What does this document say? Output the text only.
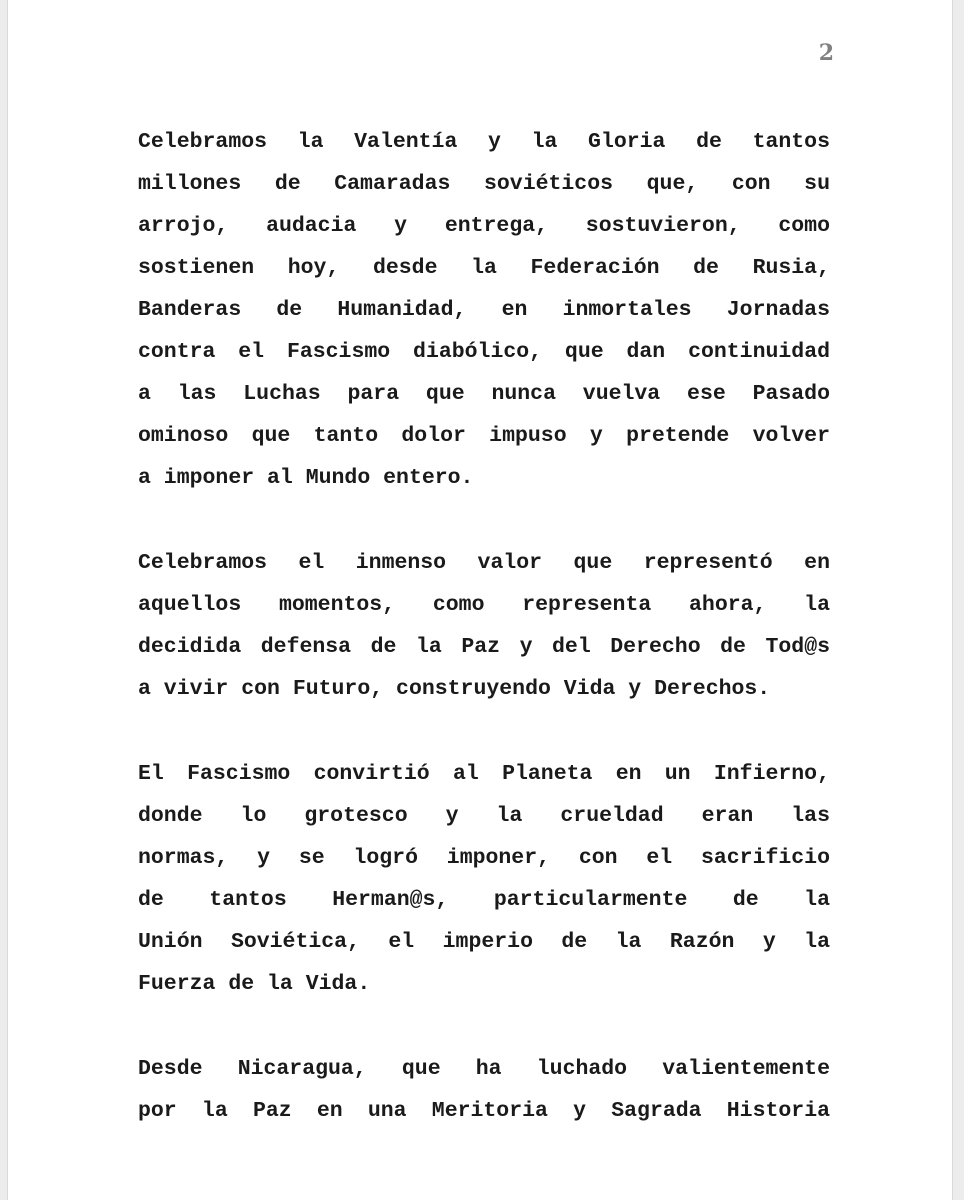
2
Celebramos la Valentía y la Gloria de tantos
millones de Camaradas soviéticos que, con su
arrojo, audacia y entrega, sostuvieron, como
sostienen hoy, desde la Federación de Rusia,
Banderas de Humanidad, en inmortales Jornadas
contra el Fascismo diabólico, que dan continuidad
a las Luchas para que nunca vuelva ese Pasado
ominoso que tanto dolor impuso y pretende volver
a imponer al Mundo entero.
Celebramos el inmenso valor que representó en
aquellos momentos, como representa ahora, la
decidida defensa de la Paz y del Derecho de Tod@s
a vivir con Futuro, construyendo Vida y Derechos.
El Fascismo convirtió al Planeta en un Infierno,
donde lo grotesco y la crueldad eran las
normas, y se logró imponer, con el sacrificio
de tantos Herman@s, particularmente de la
Unión Soviética, el imperio de la Razón y la
Fuerza de la Vida.
Desde Nicaragua, que ha luchado valientemente
por la Paz en una Meritoria y Sagrada Historia
